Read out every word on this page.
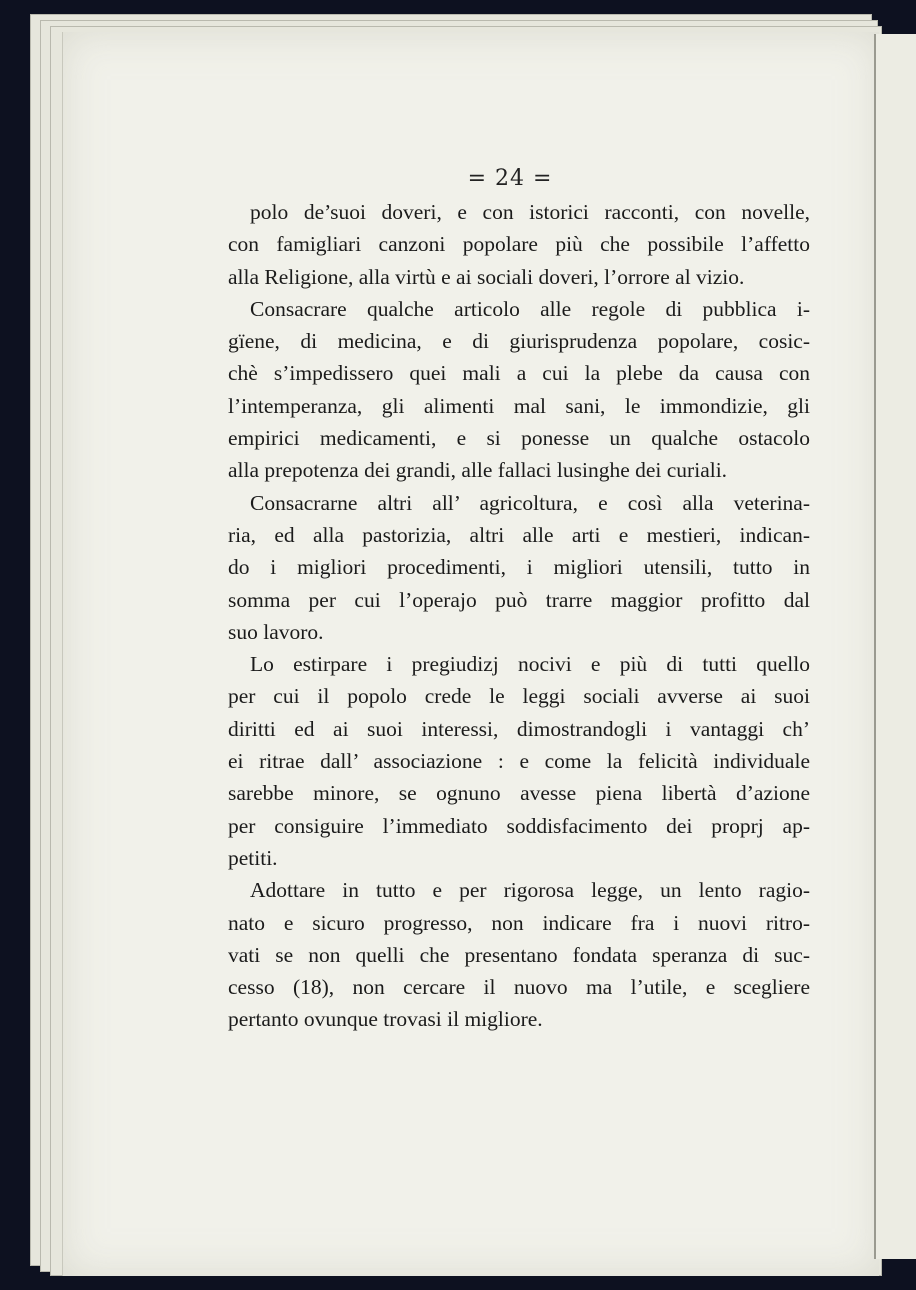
= 24 =
polo de’suoi doveri, e con istorici racconti, con novelle,
con famigliari canzoni popolare più che possibile l’affetto
alla Religione, alla virtù e ai sociali doveri, l’orrore al vizio.
Consacrare qualche articolo alle regole di pubblica i-
gïene, di medicina, e di giurisprudenza popolare, cosic-
chè s’impedissero quei mali a cui la plebe da causa con
l’intemperanza, gli alimenti mal sani, le immondizie, gli
empirici medicamenti, e si ponesse un qualche ostacolo
alla prepotenza dei grandi, alle fallaci lusinghe dei curiali.
Consacrarne altri all’ agricoltura, e così alla veterina-
ria, ed alla pastorizia, altri alle arti e mestieri, indican-
do i migliori procedimenti, i migliori utensili, tutto in
somma per cui l’operajo può trarre maggior profitto dal
suo lavoro.
Lo estirpare i pregiudizj nocivi e più di tutti quello
per cui il popolo crede le leggi sociali avverse ai suoi
diritti ed ai suoi interessi, dimostrandogli i vantaggi ch’
ei ritrae dall’ associazione : e come la felicità individuale
sarebbe minore, se ognuno avesse piena libertà d’azione
per consiguire l’immediato soddisfacimento dei proprj ap-
petiti.
Adottare in tutto e per rigorosa legge, un lento ragio-
nato e sicuro progresso, non indicare fra i nuovi ritro-
vati se non quelli che presentano fondata speranza di suc-
cesso (18), non cercare il nuovo ma l’utile, e scegliere
pertanto ovunque trovasi il migliore.
